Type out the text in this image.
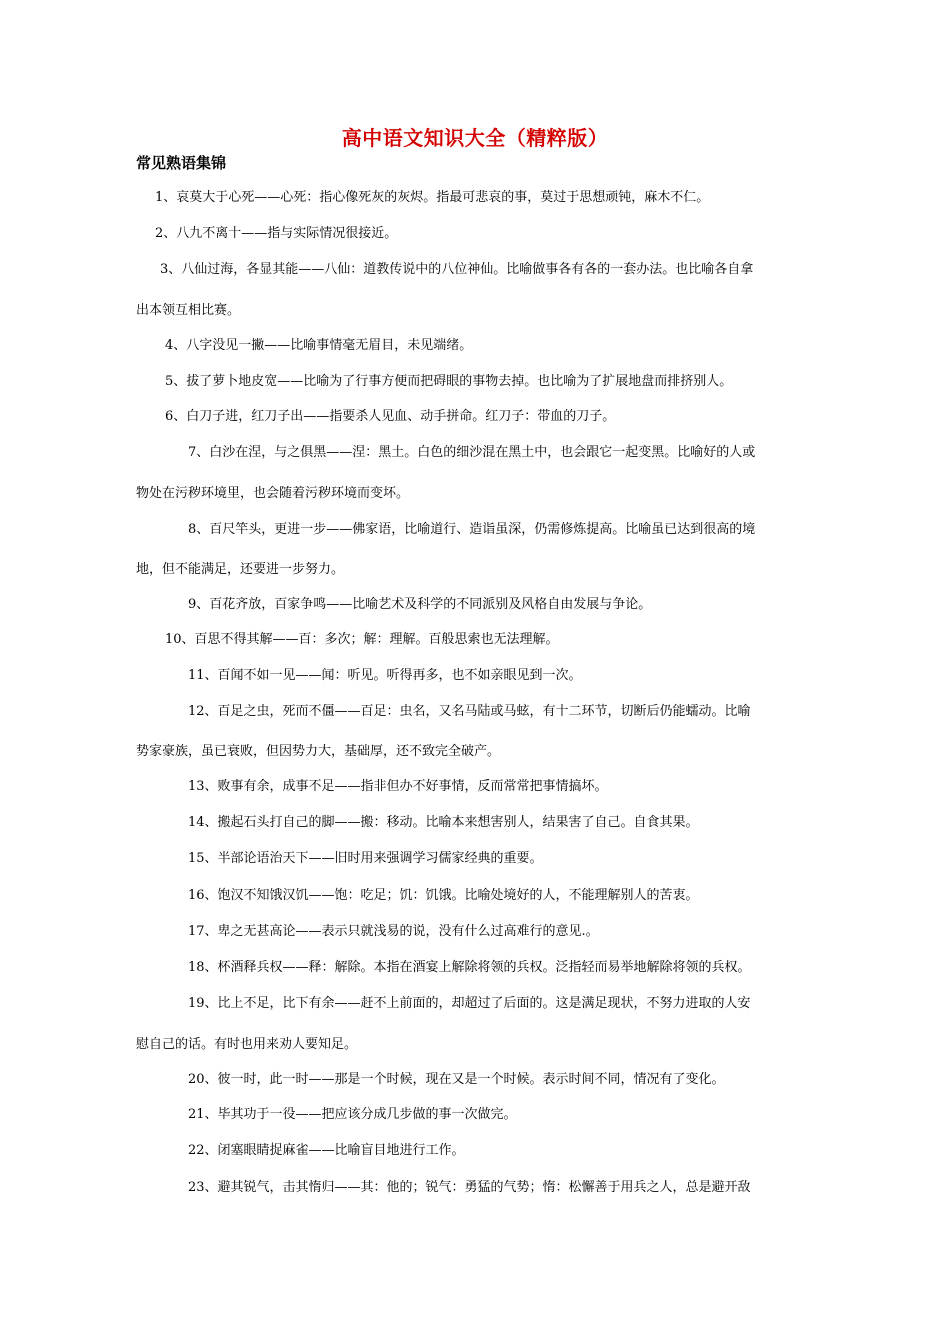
高中语文知识大全（精粹版）
常见熟语集锦
1、哀莫大于心死——心死：指心像死灰的灰烬。指最可悲哀的事，莫过于思想顽钝，麻木不仁。
2、八九不离十——指与实际情况很接近。
3、八仙过海，各显其能——八仙：道教传说中的八位神仙。比喻做事各有各的一套办法。也比喻各自拿
出本领互相比赛。
4、八字没见一撇——比喻事情毫无眉目，未见端绪。
5、拔了萝卜地皮宽——比喻为了行事方便而把碍眼的事物去掉。也比喻为了扩展地盘而排挤别人。
6、白刀子进，红刀子出——指要杀人见血、动手拼命。红刀子：带血的刀子。
7、白沙在涅，与之俱黑——涅：黑土。白色的细沙混在黑土中，也会跟它一起变黑。比喻好的人或
物处在污秽环境里，也会随着污秽环境而变坏。
8、百尺竿头，更进一步——佛家语，比喻道行、造诣虽深，仍需修炼提高。比喻虽已达到很高的境
地，但不能满足，还要进一步努力。
9、百花齐放，百家争鸣——比喻艺术及科学的不同派别及风格自由发展与争论。
10、百思不得其解——百：多次；解：理解。百般思索也无法理解。
11、百闻不如一见——闻：听见。听得再多，也不如亲眼见到一次。
12、百足之虫，死而不僵——百足：虫名，又名马陆或马蚿，有十二环节，切断后仍能蠕动。比喻
势家豪族，虽已衰败，但因势力大，基础厚，还不致完全破产。
13、败事有余，成事不足——指非但办不好事情，反而常常把事情搞坏。
14、搬起石头打自己的脚——搬：移动。比喻本来想害别人，结果害了自己。自食其果。
15、半部论语治天下——旧时用来强调学习儒家经典的重要。
16、饱汉不知饿汉饥——饱：吃足；饥：饥饿。比喻处境好的人，不能理解别人的苦衷。
17、卑之无甚高论——表示只就浅易的说，没有什么过高难行的意见.。
18、杯酒释兵权——释：解除。本指在酒宴上解除将领的兵权。泛指轻而易举地解除将领的兵权。
19、比上不足，比下有余——赶不上前面的，却超过了后面的。这是满足现状，不努力进取的人安
慰自己的话。有时也用来劝人要知足。
20、彼一时，此一时——那是一个时候，现在又是一个时候。表示时间不同，情况有了变化。
21、毕其功于一役——把应该分成几步做的事一次做完。
22、闭塞眼睛捉麻雀——比喻盲目地进行工作。
23、避其锐气，击其惰归——其：他的；锐气：勇猛的气势；惰：松懈善于用兵之人，总是避开敌
